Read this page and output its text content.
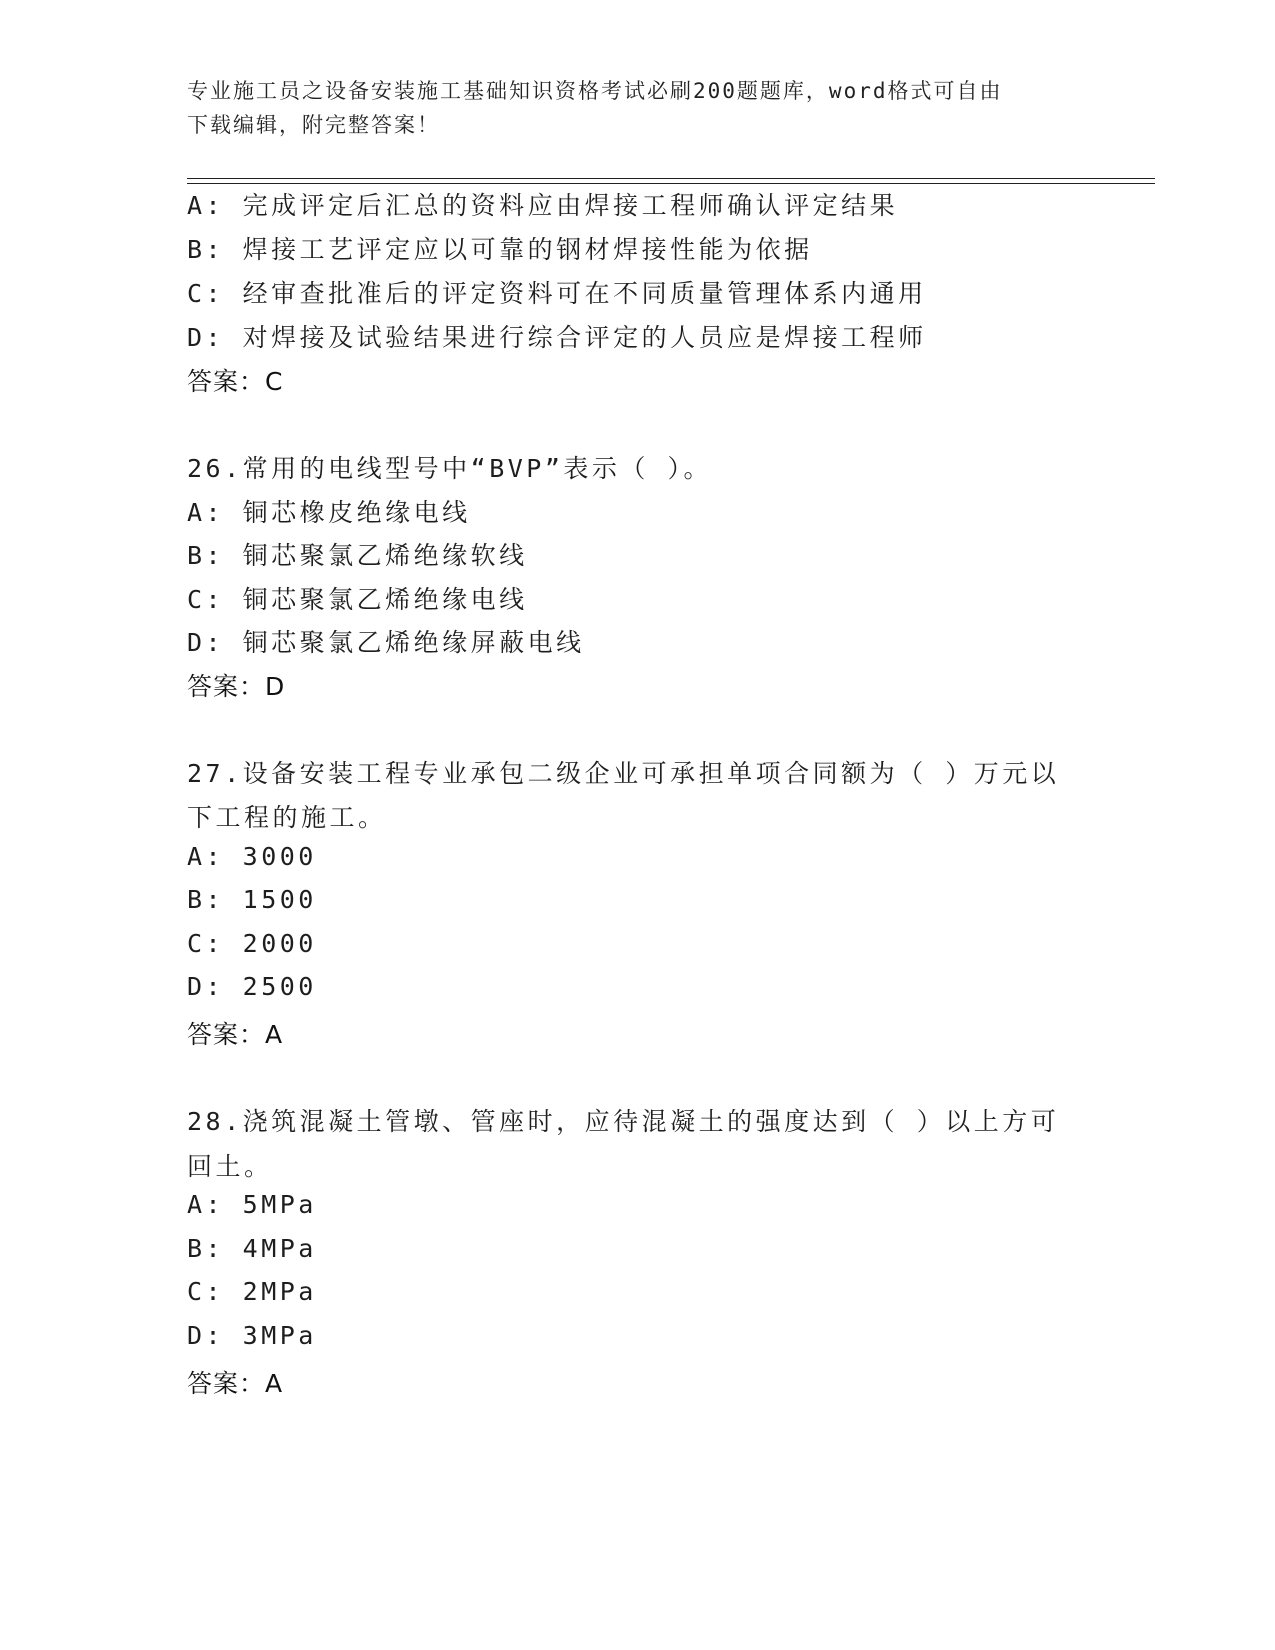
专业施工员之设备安装施工基础知识资格考试必刷200题题库，word格式可自由
下载编辑，附完整答案！
A: 完成评定后汇总的资料应由焊接工程师确认评定结果
B: 焊接工艺评定应以可靠的钢材焊接性能为依据
C: 经审查批准后的评定资料可在不同质量管理体系内通用
D: 对焊接及试验结果进行综合评定的人员应是焊接工程师
答案：C
26.常用的电线型号中“BVP”表示（ ）。
A: 铜芯橡皮绝缘电线
B: 铜芯聚氯乙烯绝缘软线
C: 铜芯聚氯乙烯绝缘电线
D: 铜芯聚氯乙烯绝缘屏蔽电线
答案：D
27.设备安装工程专业承包二级企业可承担单项合同额为（ ）万元以
下工程的施工。
A: 3000
B: 1500
C: 2000
D: 2500
答案：A
28.浇筑混凝土管墩、管座时，应待混凝土的强度达到（ ）以上方可
回土。
A: 5MPa
B: 4MPa
C: 2MPa
D: 3MPa
答案：A
